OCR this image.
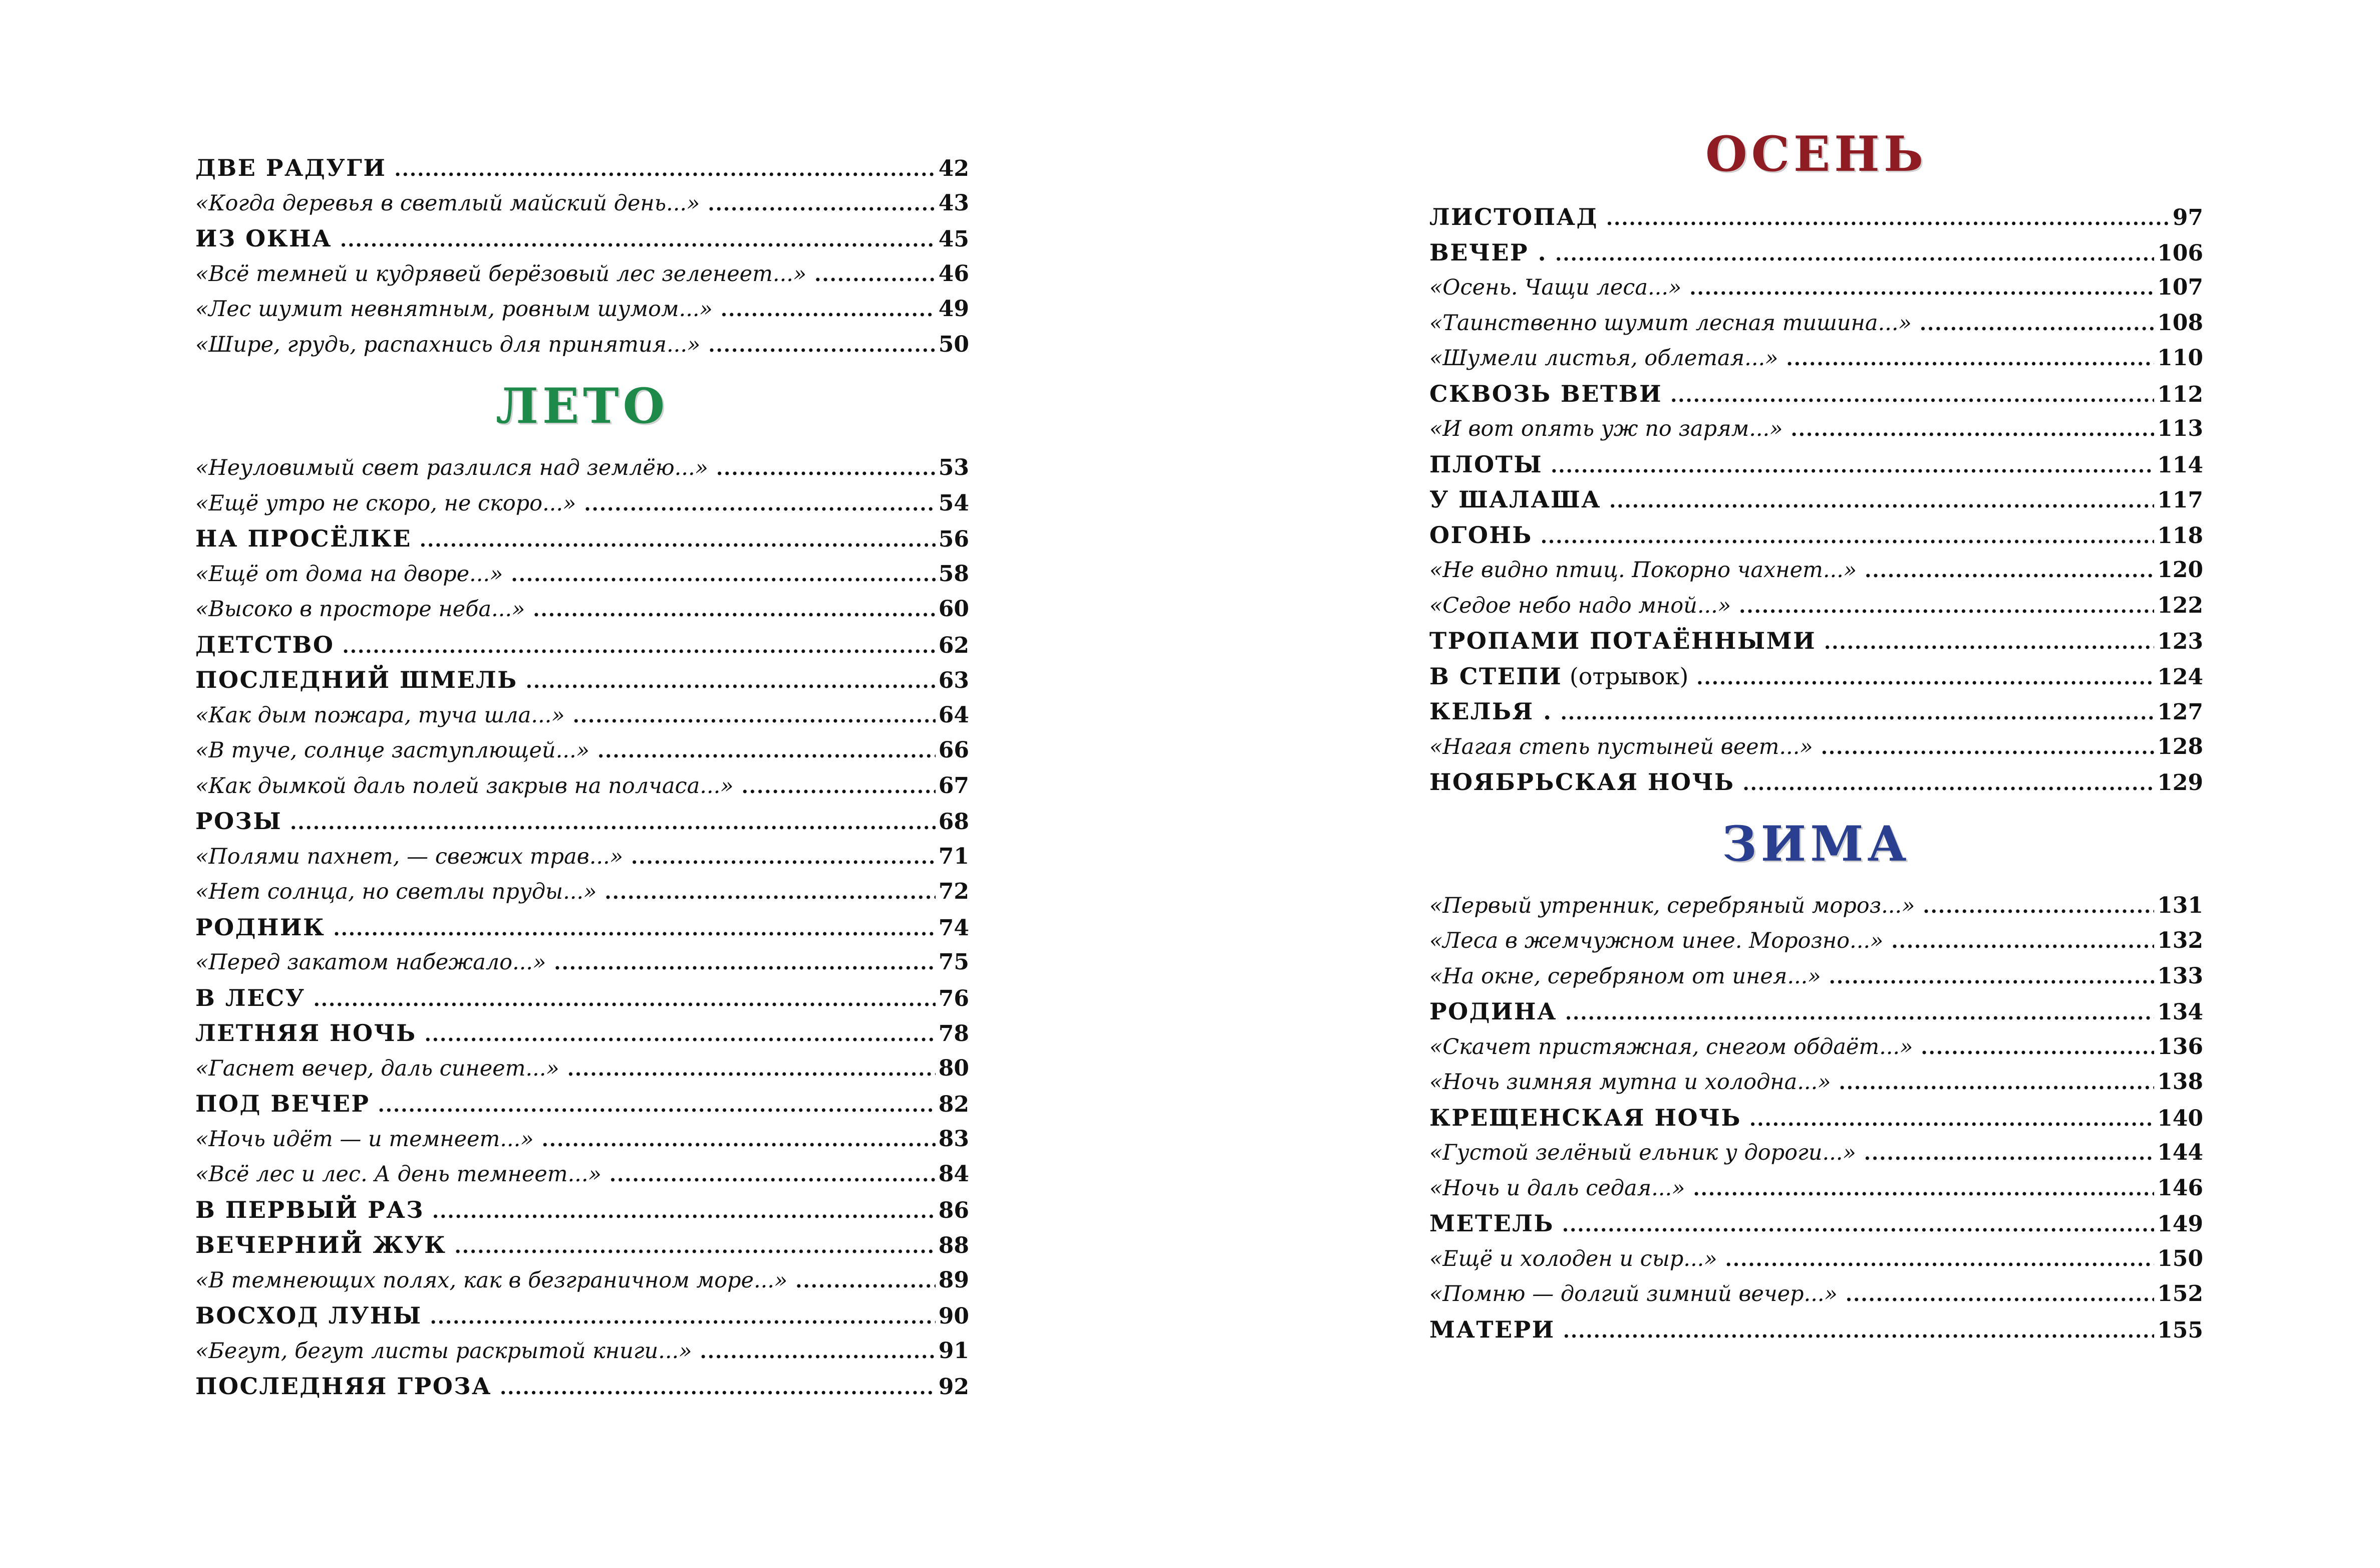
ДВЕ РАДУГИ .....	42
«Когда деревья в светлый майский день...» .....	43
ИЗ ОКНА .....	45
«Всё темней и кудрявей берёзовый лес зеленеет...» .....	46
«Лес шумит невнятным, ровным шумом...» .....	49
«Шире, грудь, распахнись для принятия...» .....	50
ЛЕТО
«Неуловимый свет разлился над землёю...» .....	53
«Ещё утро не скоро, не скоро...» .....	54
НА ПРОСЁЛКЕ .....	56
«Ещё от дома на дворе...» .....	58
«Высоко в просторе неба...» .....	60
ДЕТСТВО .....	62
ПОСЛЕДНИЙ ШМЕЛЬ .....	63
«Как дым пожара, туча шла...» .....	64
«В туче, солнце заступлющей...» .....	66
«Как дымкой даль полей закрыв на полчаса...» .....	67
РОЗЫ .....	68
«Полями пахнет, — свежих трав...» .....	71
«Нет солнца, но светлы пруды...» .....	72
РОДНИК .....	74
«Перед закатом набежало...» .....	75
В ЛЕСУ .....	76
ЛЕТНЯЯ НОЧЬ .....	78
«Гаснет вечер, даль синеет...» .....	80
ПОД ВЕЧЕР .....	82
«Ночь идёт — и темнеет...» .....	83
«Всё лес и лес. А день темнеет...» .....	84
В ПЕРВЫЙ РАЗ .....	86
ВЕЧЕРНИЙ ЖУК .....	88
«В темнеющих полях, как в безграничном море...» .....	89
ВОСХОД ЛУНЫ .....	90
«Бегут, бегут листы раскрытой книги...» .....	91
ПОСЛЕДНЯЯ ГРОЗА .....	92
ОСЕНЬ
ЛИСТОПАД .....	97
ВЕЧЕР . .....	106
«Осень. Чащи леса...» .....	107
«Таинственно шумит лесная тишина...» .....	108
«Шумели листья, облетая...» .....	110
СКВОЗЬ ВЕТВИ .....	112
«И вот опять уж по зарям...» .....	113
ПЛОТЫ .....	114
У ШАЛАША .....	117
ОГОНЬ .....	118
«Не видно птиц. Покорно чахнет...» .....	120
«Седое небо надо мной...» .....	122
ТРОПАМИ ПОТАЁННЫМИ .....	123
В СТЕПИ (отрывок) .....	124
КЕЛЬЯ . .....	127
«Нагая степь пустыней веет...» .....	128
НОЯБРЬСКАЯ НОЧЬ .....	129
ЗИМА
«Первый утренник, серебряный мороз...» .....	131
«Леса в жемчужном инее. Морозно...» .....	132
«На окне, серебряном от инея...» .....	133
РОДИНА .....	134
«Скачет пристяжная, снегом обдаёт...» .....	136
«Ночь зимняя мутна и холодна...» .....	138
КРЕЩЕНСКАЯ НОЧЬ .....	140
«Густой зелёный ельник у дороги...» .....	144
«Ночь и даль седая...» .....	146
МЕТЕЛЬ .....	149
«Ещё и холоден и сыр...» .....	150
«Помню — долгий зимний вечер...» .....	152
МАТЕРИ .....	155
